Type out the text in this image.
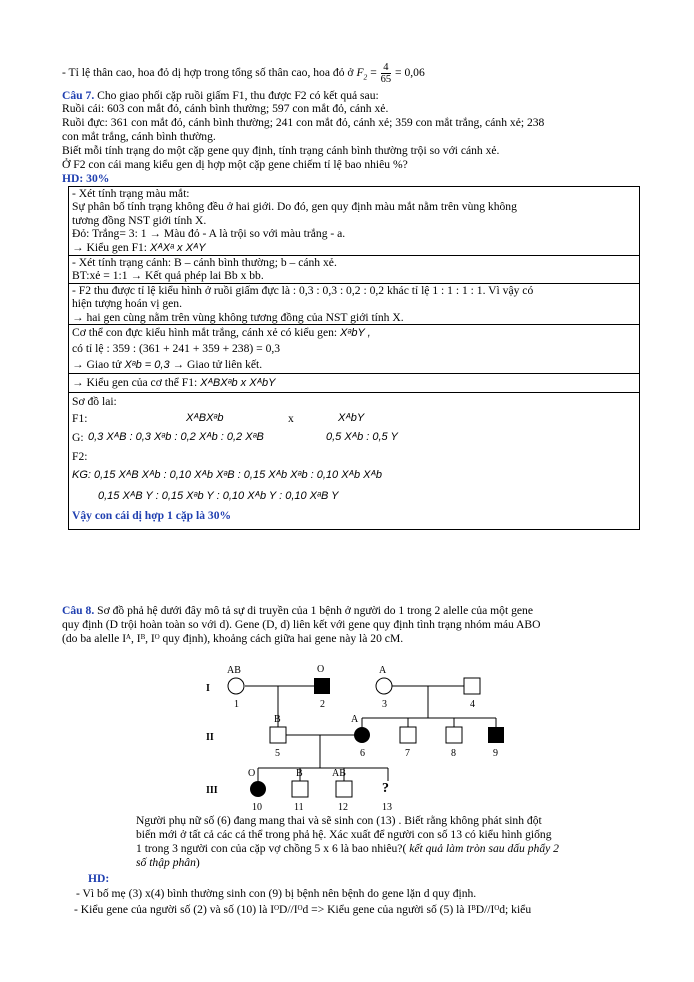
- Tỉ lệ thân cao, hoa đỏ dị hợp trong tổng số thân cao, hoa đỏ ở $F_2 = \frac{4}{65} = 0,06$
Câu 7. Cho giao phối cặp ruồi giấm F1, thu được F2 có kết quả sau:
Ruồi cái: 603 con mắt đỏ, cánh bình thường; 597 con mắt đỏ, cánh xẻ.
Ruồi đực: 361 con mắt đỏ, cánh bình thường; 241 con mắt đỏ, cánh xẻ; 359 con mắt trắng, cánh xẻ; 238
con mắt trắng, cánh bình thường.
Biết mỗi tính trạng do một cặp gene quy định, tính trạng cánh bình thường trội so với cánh xẻ.
Ở F2 con cái mang kiểu gen dị hợp một cặp gene chiếm tỉ lệ bao nhiêu %?
HD: 30%
- Xét tính trạng màu mắt:
Sự phân bố tính trạng không đều ở hai giới. Do đó, gen quy định màu mắt nằm trên vùng không
tương đồng NST giới tính X.
Đỏ: Trắng= 3: 1 → Màu đỏ - A là trội so với màu trắng - a.
→ Kiểu gen F1: XᴬXᵃ x XᴬY

- Xét tính trạng cánh: B – cánh bình thường; b – cánh xẻ.
BT:xẻ = 1:1 → Kết quả phép lai Bb x bb.

- F2 thu được tỉ lệ kiểu hình ở ruồi giấm đực là : 0,3 : 0,3 : 0,2 : 0,2 khác tỉ lệ 1 : 1 : 1 : 1. Vì vậy có
hiện tượng hoán vị gen.
→ hai gen cùng nằm trên vùng không tương đồng của NST giới tính X.

Cơ thể con đực kiểu hình mắt trắng, cánh xẻ có kiểu gen: XᵃbY ,
có tỉ lệ : 359 : (361 + 241 + 359 + 238) = 0,3
→ Giao tử Xᵃb = 0,3 → Giao tử liên kết.

→ Kiểu gen của cơ thể F1: XᴬBXᵃb x XᴬbY

Sơ đồ lai:
F1:	XᴬBXᵃb	x	XᴬbY
G: 0,3 XᴬB : 0,3 Xᵃb : 0,2 Xᴬb : 0,2 XᵃB	0,5 Xᴬb : 0,5 Y
F2:
KG: 0,15 XᴬB Xᴬb : 0,10 Xᴬb XᵃB : 0,15 Xᴬb Xᵃb : 0,10 Xᴬb Xᴬb
0,15 XᴬB Y : 0,15 Xᵃb Y : 0,10 Xᴬb Y : 0,10 XᵃB Y
Vậy con cái dị hợp 1 cặp là 30%
Câu 8. Sơ đồ phả hệ dưới đây mô tả sự di truyền của 1 bệnh ở người do 1 trong 2 alelle của một gene
quy định (D trội hoàn toàn so với d). Gene (D, d) liên kết với gene quy định tình trạng nhóm máu ABO
(do ba alelle Iᴬ, Iᴮ, Iᴼ quy định), khoảng cách giữa hai gene này là 20 cM.
I
II
III
AB	O	A
1	2	3	4
B	A
5	6	7	8	9
O	B	AB
?
10	11	12	13
Người phụ nữ số (6) đang mang thai và sẽ sinh con (13) . Biết rằng không phát sinh đột
biến mới ở tất cả các cá thể trong phả hệ. Xác xuất để người con số 13 có kiểu hình giống
1 trong 3 người con của cặp vợ chồng 5 x 6 là bao nhiêu?( kết quả làm tròn sau dấu phẩy 2
số thập phân)
HD:
- Vì bố mẹ (3) x(4) bình thường sinh con (9) bị bệnh nên bệnh do gene lặn d quy định.
- Kiểu gene của người số (2) và số (10) là IᴼD//Iᴼd => Kiểu gene của người số (5) là IᴮD//Iᴼd; kiểu
